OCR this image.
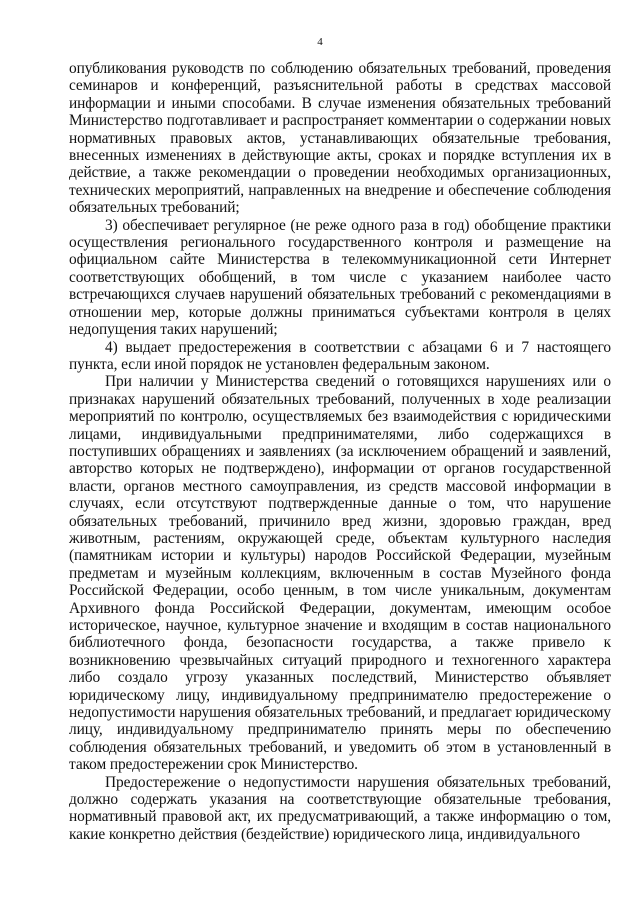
4

опубликования руководств по соблюдению обязательных требований, проведения семинаров и конференций, разъяснительной работы в средствах массовой информации и иными способами. В случае изменения обязательных требований Министерство подготавливает и распространяет комментарии о содержании новых нормативных правовых актов, устанавливающих обязательные требования, внесенных изменениях в действующие акты, сроках и порядке вступления их в действие, а также рекомендации о проведении необходимых организационных, технических мероприятий, направленных на внедрение и обеспечение соблюдения обязательных требований;

3) обеспечивает регулярное (не реже одного раза в год) обобщение практики осуществления регионального государственного контроля и размещение на официальном сайте Министерства в телекоммуникационной сети Интернет соответствующих обобщений, в том числе с указанием наиболее часто встречающихся случаев нарушений обязательных требований с рекомендациями в отношении мер, которые должны приниматься субъектами контроля в целях недопущения таких нарушений;

4) выдает предостережения в соответствии с абзацами 6 и 7 настоящего пункта, если иной порядок не установлен федеральным законом.

При наличии у Министерства сведений о готовящихся нарушениях или о признаках нарушений обязательных требований, полученных в ходе реализации мероприятий по контролю, осуществляемых без взаимодействия с юридическими лицами, индивидуальными предпринимателями, либо содержащихся в поступивших обращениях и заявлениях (за исключением обращений и заявлений, авторство которых не подтверждено), информации от органов государственной власти, органов местного самоуправления, из средств массовой информации в случаях, если отсутствуют подтвержденные данные о том, что нарушение обязательных требований, причинило вред жизни, здоровью граждан, вред животным, растениям, окружающей среде, объектам культурного наследия (памятникам истории и культуры) народов Российской Федерации, музейным предметам и музейным коллекциям, включенным в состав Музейного фонда Российской Федерации, особо ценным, в том числе уникальным, документам Архивного фонда Российской Федерации, документам, имеющим особое историческое, научное, культурное значение и входящим в состав национального библиотечного фонда, безопасности государства, а также привело к возникновению чрезвычайных ситуаций природного и техногенного характера либо создало угрозу указанных последствий, Министерство объявляет юридическому лицу, индивидуальному предпринимателю предостережение о недопустимости нарушения обязательных требований, и предлагает юридическому лицу, индивидуальному предпринимателю принять меры по обеспечению соблюдения обязательных требований, и уведомить об этом в установленный в таком предостережении срок Министерство.

Предостережение о недопустимости нарушения обязательных требований, должно содержать указания на соответствующие обязательные требования, нормативный правовой акт, их предусматривающий, а также информацию о том, какие конкретно действия (бездействие) юридического лица, индивидуального
